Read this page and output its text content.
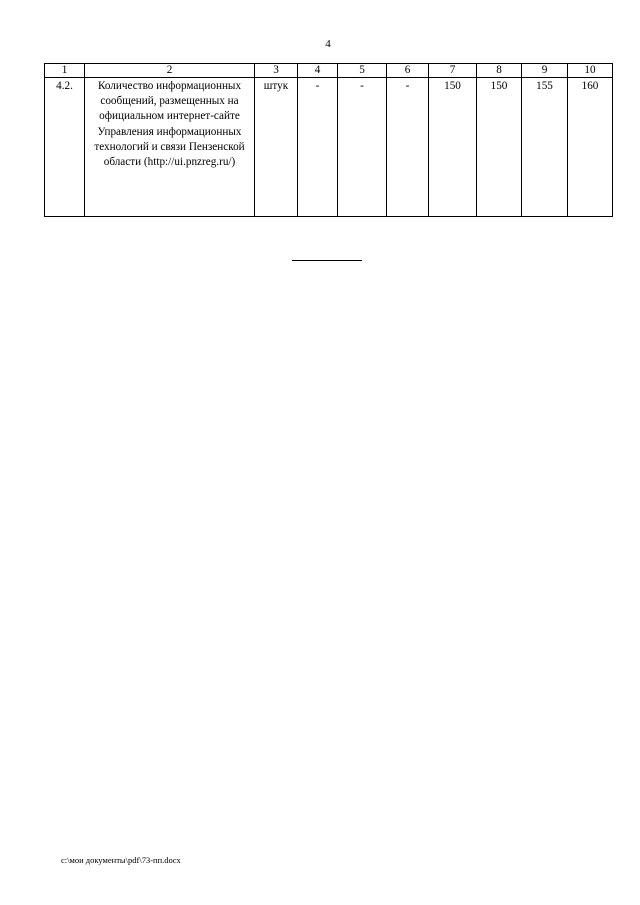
4
1	2	3	4	5	6	7	8	9	10
4.2.	Количество информационных сообщений, размещенных на официальном интернет-сайте Управления информационных технологий и связи Пензенской области (http://ui.pnzreg.ru/)	штук	-	-	-	150	150	155	160
c:\мои документы\pdf\73-пп.docx
